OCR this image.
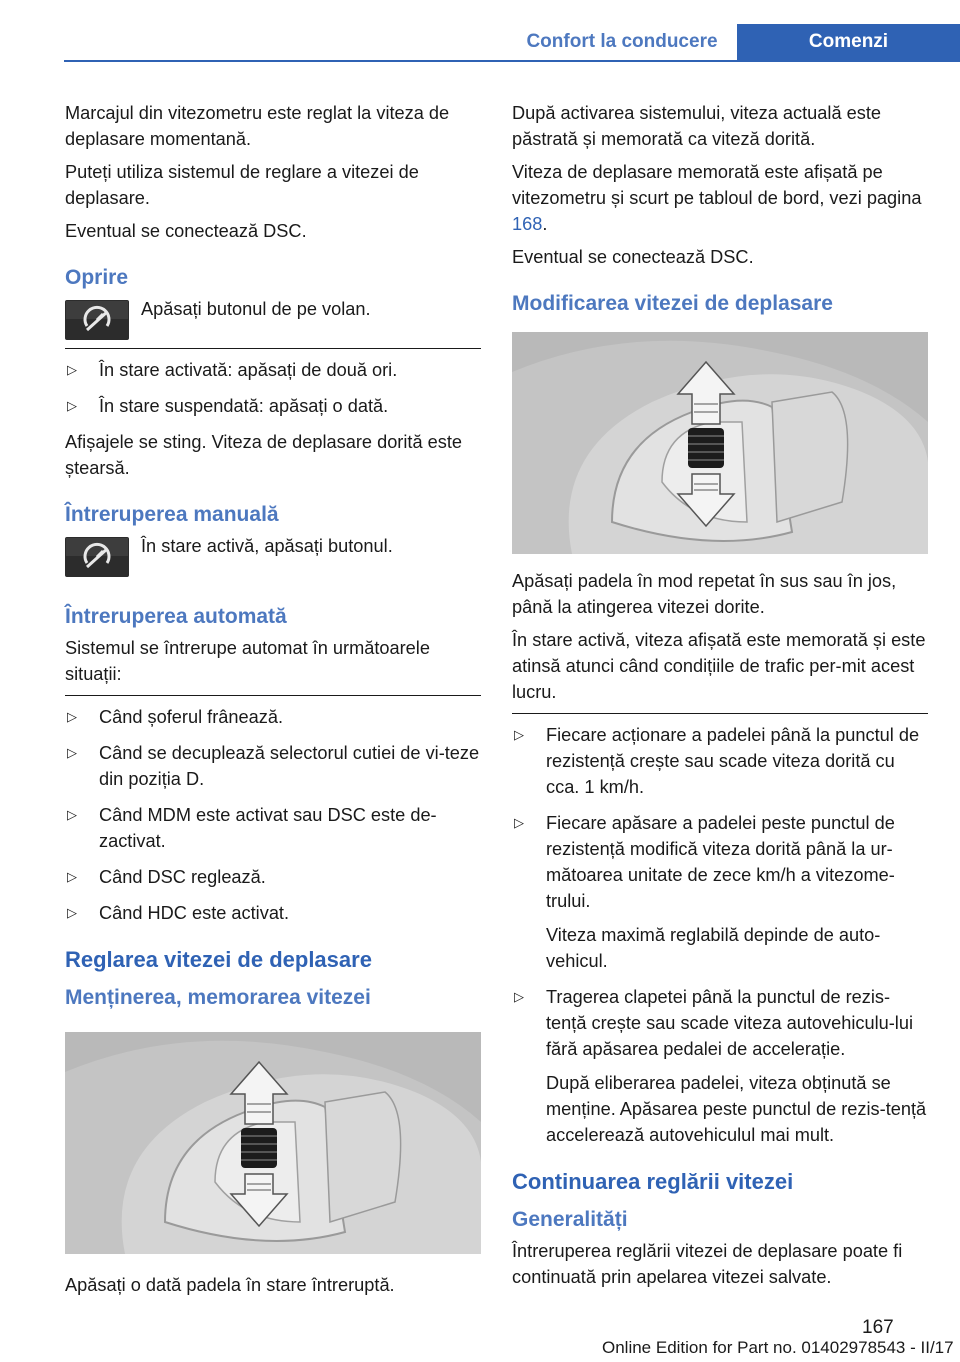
Confort la conducere	Comenzi

Marcajul din vitezometru este reglat la viteza de deplasare momentană.

Puteți utiliza sistemul de reglare a vitezei de deplasare.

Eventual se conectează DSC.

Oprire

Apăsați butonul de pe volan.

▷ În stare activată: apăsați de două ori.
▷ În stare suspendată: apăsați o dată.

Afișajele se sting. Viteza de deplasare dorită este ștearsă.

Întreruperea manuală

În stare activă, apăsați butonul.

Întreruperea automată

Sistemul se întrerupe automat în următoarele situații:

▷ Când șoferul frânează.
▷ Când se decuplează selectorul cutiei de vi-teze din poziția D.
▷ Când MDM este activat sau DSC este de-zactivat.
▷ Când DSC reglează.
▷ Când HDC este activat.
Reglarea vitezei de deplasare
Menținerea, memorarea vitezei

Apăsați o dată padela în stare întreruptă.

După activarea sistemului, viteza actuală este păstrată și memorată ca viteză dorită.

Viteza de deplasare memorată este afișată pe vitezometru și scurt pe tabloul de bord, vezi pagina 168.

Eventual se conectează DSC.

Modificarea vitezei de deplasare

Apăsați padela în mod repetat în sus sau în jos, până la atingerea vitezei dorite.

În stare activă, viteza afișată este memorată și este atinsă atunci când condițiile de trafic per-mit acest lucru.

▷ Fiecare acționare a padelei până la punctul de rezistență crește sau scade viteza dorită cu cca. 1 km/h.
▷ Fiecare apăsare a padelei peste punctul de rezistență modifică viteza dorită până la ur-mătoarea unitate de zece km/h a vitezome-trului.

Viteza maximă reglabilă depinde de auto-vehicul.

▷ Tragerea clapetei până la punctul de rezis-tență crește sau scade viteza autovehiculu-lui fără apăsarea pedalei de accelerație.

După eliberarea padelei, viteza obținută se menține. Apăsarea peste punctul de rezis-tență accelerează autovehiculul mai mult.

Continuarea reglării vitezei
Generalități

Întreruperea reglării vitezei de deplasare poate fi continuată prin apelarea vitezei salvate.

167
Online Edition for Part no. 01402978543 - II/17
